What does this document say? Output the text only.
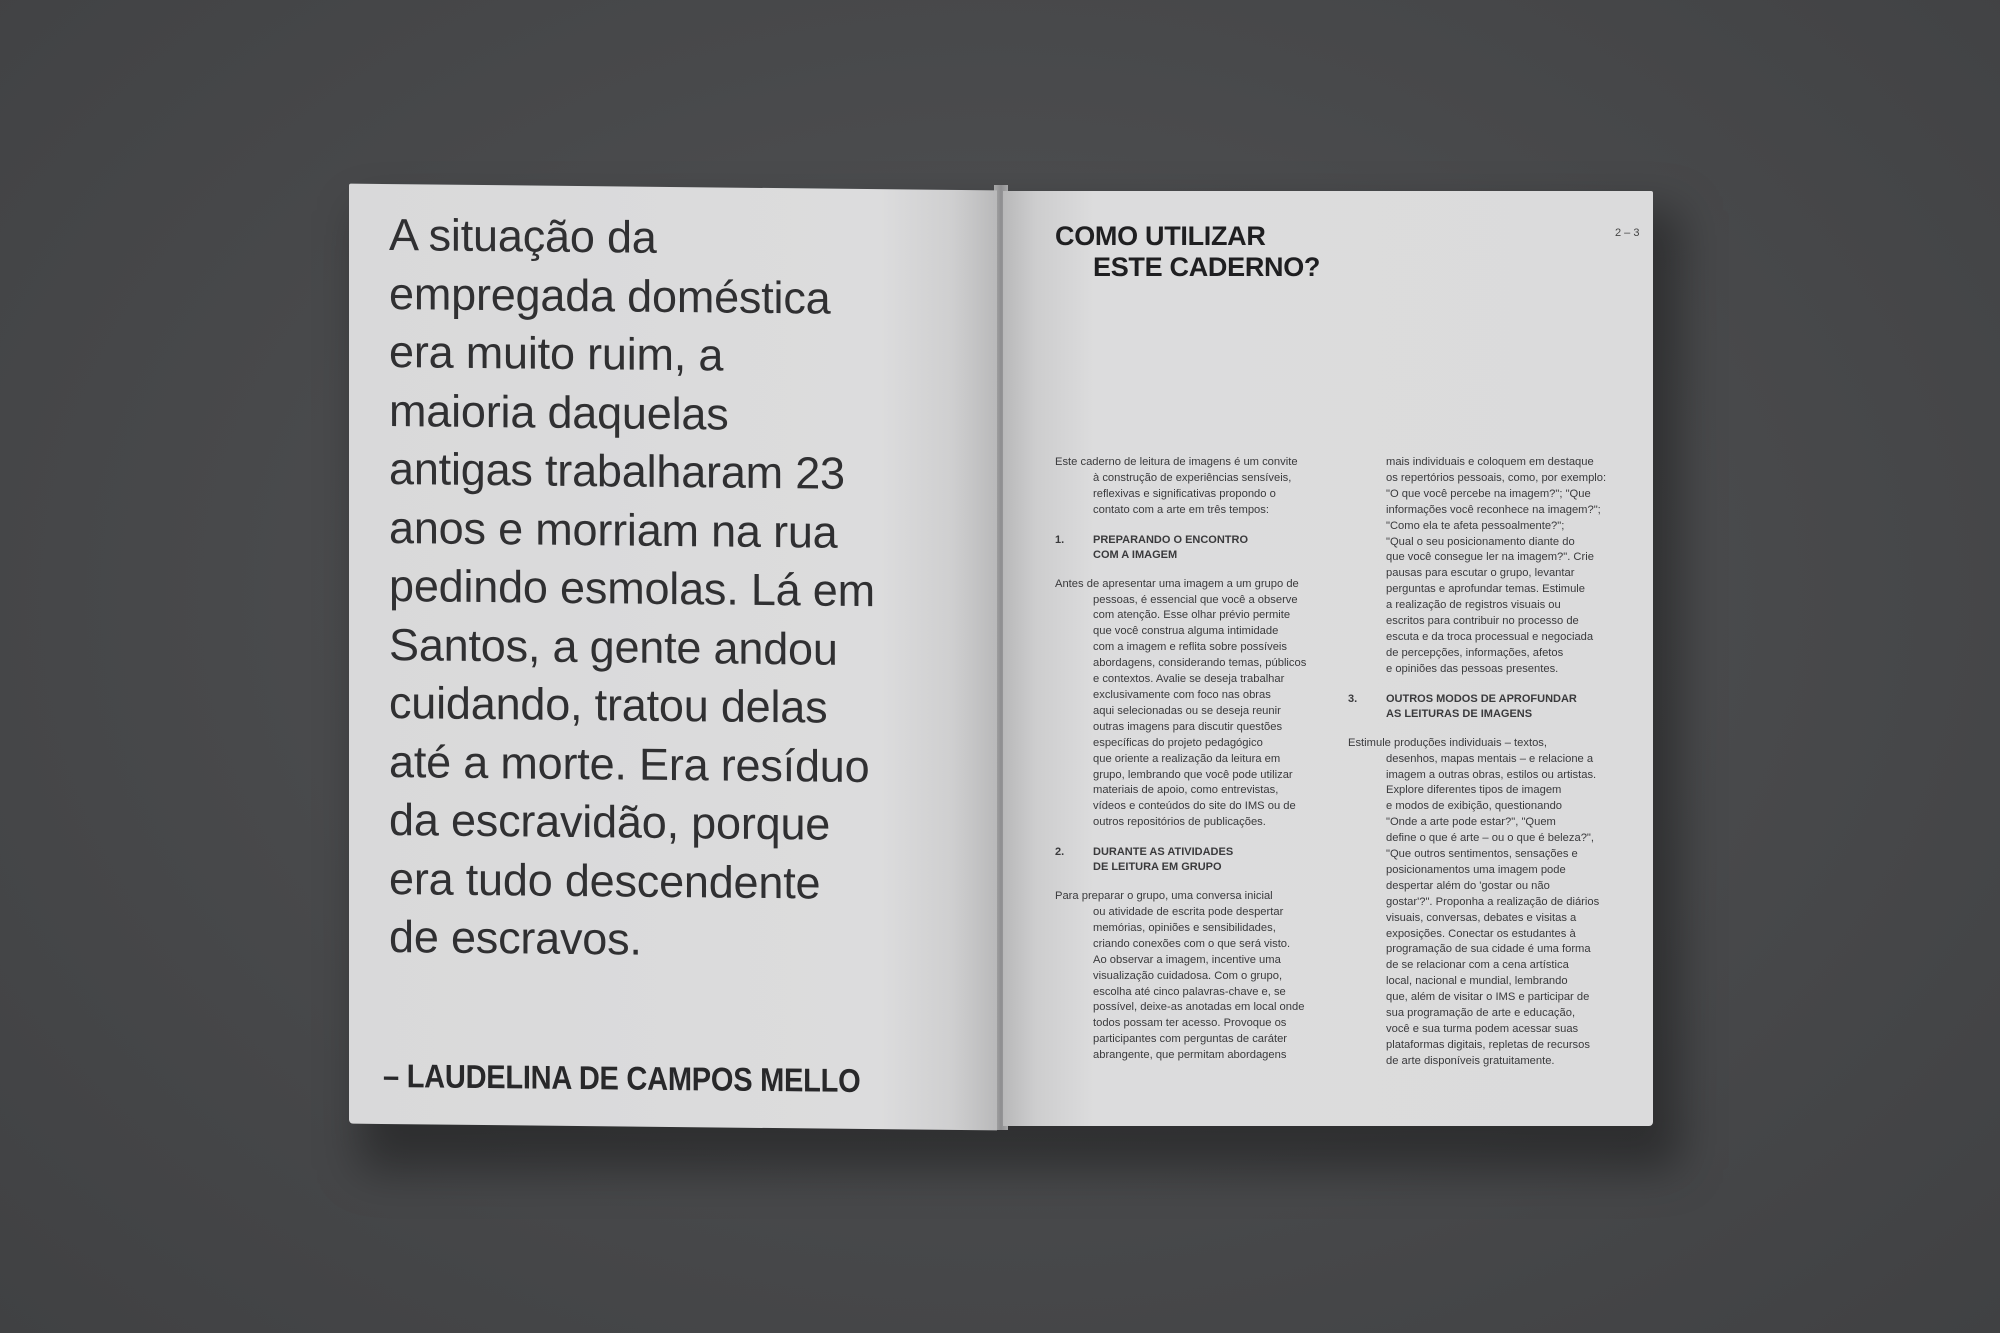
A situação da
empregada doméstica
era muito ruim, a
maioria daquelas
antigas trabalharam 23
anos e morriam na rua
pedindo esmolas. Lá em
Santos, a gente andou
cuidando, tratou delas
até a morte. Era resíduo
da escravidão, porque
era tudo descendente
de escravos.
– LAUDELINA DE CAMPOS MELLO
COMO UTILIZAR
ESTE CADERNO?
2 – 3
Este caderno de leitura de imagens é um convite
à construção de experiências sensíveis,
reflexivas e significativas propondo o
contato com a arte em três tempos:
1.	PREPARANDO O ENCONTRO
COM A IMAGEM
Antes de apresentar uma imagem a um grupo de
pessoas, é essencial que você a observe
com atenção. Esse olhar prévio permite
que você construa alguma intimidade
com a imagem e reflita sobre possíveis
abordagens, considerando temas, públicos
e contextos. Avalie se deseja trabalhar
exclusivamente com foco nas obras
aqui selecionadas ou se deseja reunir
outras imagens para discutir questões
específicas do projeto pedagógico
que oriente a realização da leitura em
grupo, lembrando que você pode utilizar
materiais de apoio, como entrevistas,
vídeos e conteúdos do site do IMS ou de
outros repositórios de publicações.
2.	DURANTE AS ATIVIDADES
DE LEITURA EM GRUPO
Para preparar o grupo, uma conversa inicial
ou atividade de escrita pode despertar
memórias, opiniões e sensibilidades,
criando conexões com o que será visto.
Ao observar a imagem, incentive uma
visualização cuidadosa. Com o grupo,
escolha até cinco palavras-chave e, se
possível, deixe-as anotadas em local onde
todos possam ter acesso. Provoque os
participantes com perguntas de caráter
abrangente, que permitam abordagens
mais individuais e coloquem em destaque
os repertórios pessoais, como, por exemplo:
"O que você percebe na imagem?"; "Que
informações você reconhece na imagem?";
"Como ela te afeta pessoalmente?";
"Qual o seu posicionamento diante do
que você consegue ler na imagem?". Crie
pausas para escutar o grupo, levantar
perguntas e aprofundar temas. Estimule
a realização de registros visuais ou
escritos para contribuir no processo de
escuta e da troca processual e negociada
de percepções, informações, afetos
e opiniões das pessoas presentes.
3.	OUTROS MODOS DE APROFUNDAR
AS LEITURAS DE IMAGENS
Estimule produções individuais – textos,
desenhos, mapas mentais – e relacione a
imagem a outras obras, estilos ou artistas.
Explore diferentes tipos de imagem
e modos de exibição, questionando
"Onde a arte pode estar?", "Quem
define o que é arte – ou o que é beleza?",
"Que outros sentimentos, sensações e
posicionamentos uma imagem pode
despertar além do 'gostar ou não
gostar'?". Proponha a realização de diários
visuais, conversas, debates e visitas a
exposições. Conectar os estudantes à
programação de sua cidade é uma forma
de se relacionar com a cena artística
local, nacional e mundial, lembrando
que, além de visitar o IMS e participar de
sua programação de arte e educação,
você e sua turma podem acessar suas
plataformas digitais, repletas de recursos
de arte disponíveis gratuitamente.
